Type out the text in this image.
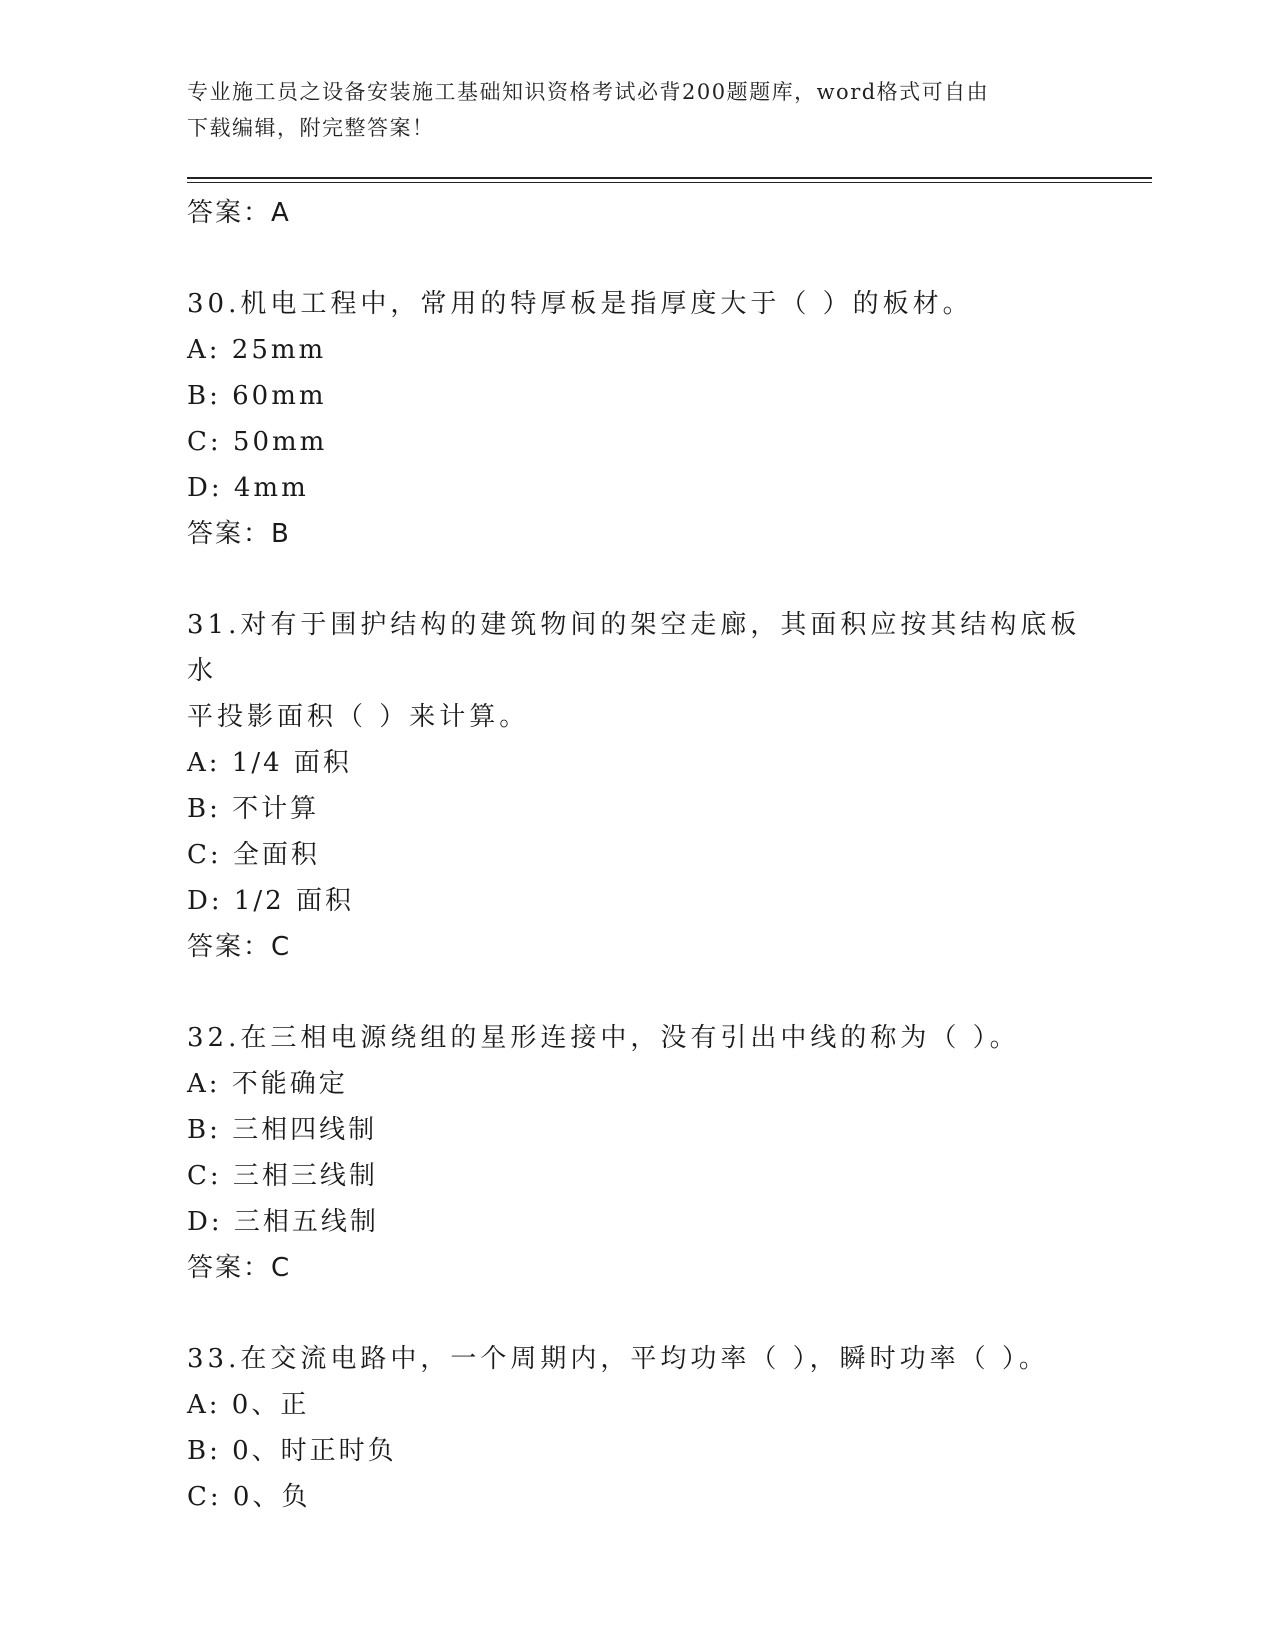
专业施工员之设备安装施工基础知识资格考试必背200题题库，word格式可自由
下载编辑，附完整答案！

答案：A

30.机电工程中，常用的特厚板是指厚度大于（ ）的板材。

A: 25mm

B: 60mm

C: 50mm

D: 4mm

答案：B

31.对有于围护结构的建筑物间的架空走廊，其面积应按其结构底板水

平投影面积（ ）来计算。

A: 1/4 面积

B: 不计算

C: 全面积

D: 1/2 面积

答案：C

32.在三相电源绕组的星形连接中，没有引出中线的称为（ ）。

A: 不能确定

B: 三相四线制

C: 三相三线制

D: 三相五线制

答案：C

33.在交流电路中，一个周期内，平均功率（ ），瞬时功率（ ）。

A: 0、正

B: 0、时正时负

C: 0、负
